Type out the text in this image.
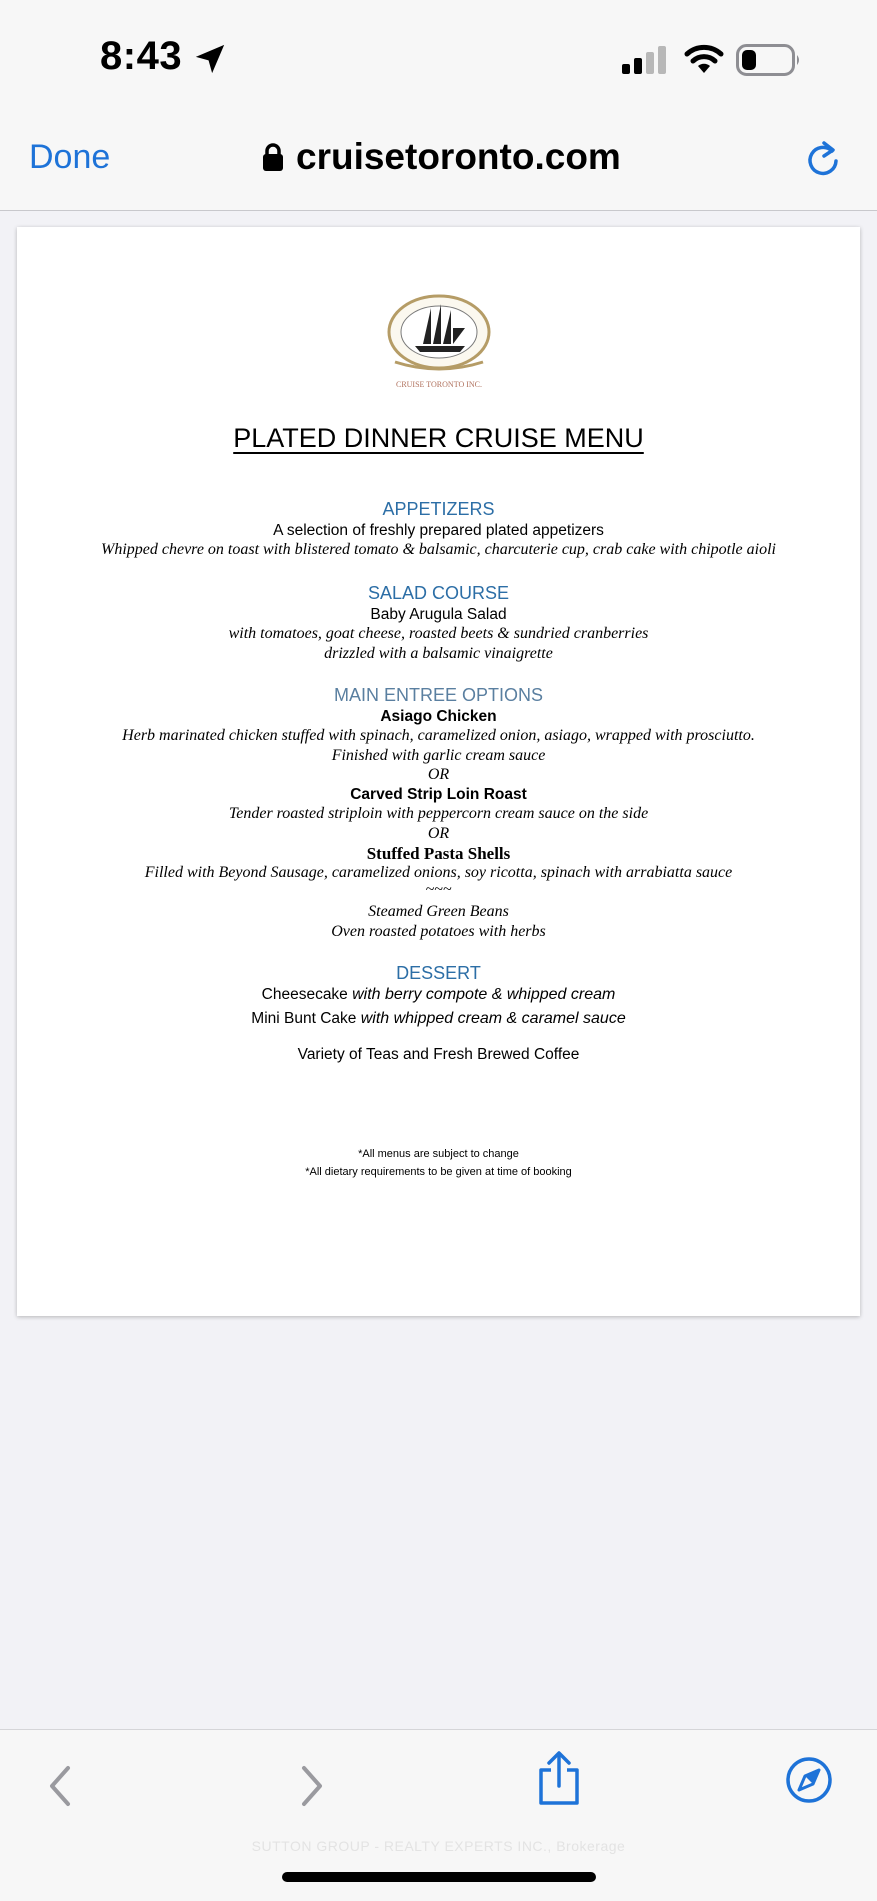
8:43
Done	cruisetoronto.com
CRUISE TORONTO INC.
PLATED DINNER CRUISE MENU
APPETIZERS
A selection of freshly prepared plated appetizers
Whipped chevre on toast with blistered tomato & balsamic, charcuterie cup, crab cake with chipotle aioli
SALAD COURSE
Baby Arugula Salad
with tomatoes, goat cheese, roasted beets & sundried cranberries
drizzled with a balsamic vinaigrette
MAIN ENTREE OPTIONS
Asiago Chicken
Herb marinated chicken stuffed with spinach, caramelized onion, asiago, wrapped with prosciutto.
Finished with garlic cream sauce
OR
Carved Strip Loin Roast
Tender roasted striploin with peppercorn cream sauce on the side
OR
Stuffed Pasta Shells
Filled with Beyond Sausage, caramelized onions, soy ricotta, spinach with arrabiatta sauce
~~~
Steamed Green Beans
Oven roasted potatoes with herbs
DESSERT
Cheesecake with berry compote & whipped cream
Mini Bunt Cake with whipped cream & caramel sauce
Variety of Teas and Fresh Brewed Coffee
*All menus are subject to change
*All dietary requirements to be given at time of booking
SUTTON GROUP - REALTY EXPERTS INC., Brokerage
